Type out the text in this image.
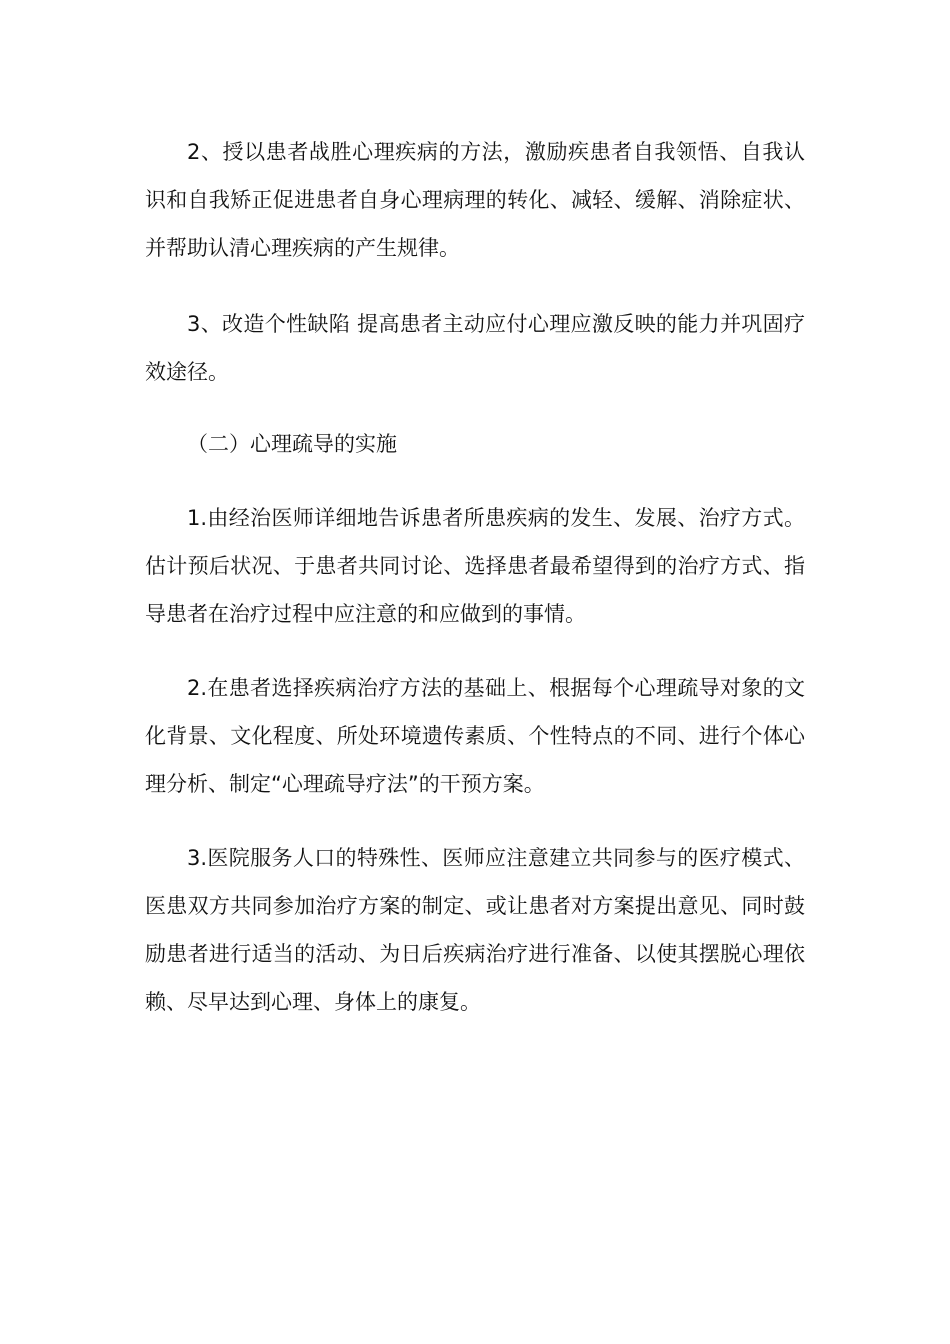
2、授以患者战胜心理疾病的方法，激励疾患者自我领悟、自我认识和自我矫正促进患者自身心理病理的转化、减轻、缓解、消除症状、并帮助认清心理疾病的产生规律。

3、改造个性缺陷 提高患者主动应付心理应激反映的能力并巩固疗效途径。

（二）心理疏导的实施

1.由经治医师详细地告诉患者所患疾病的发生、发展、治疗方式。估计预后状况、于患者共同讨论、选择患者最希望得到的治疗方式、指导患者在治疗过程中应注意的和应做到的事情。

2.在患者选择疾病治疗方法的基础上、根据每个心理疏导对象的文化背景、文化程度、所处环境遗传素质、个性特点的不同、进行个体心理分析、制定“心理疏导疗法”的干预方案。

3.医院服务人口的特殊性、医师应注意建立共同参与的医疗模式、医患双方共同参加治疗方案的制定、或让患者对方案提出意见、同时鼓励患者进行适当的活动、为日后疾病治疗进行准备、以使其摆脱心理依赖、尽早达到心理、身体上的康复。
